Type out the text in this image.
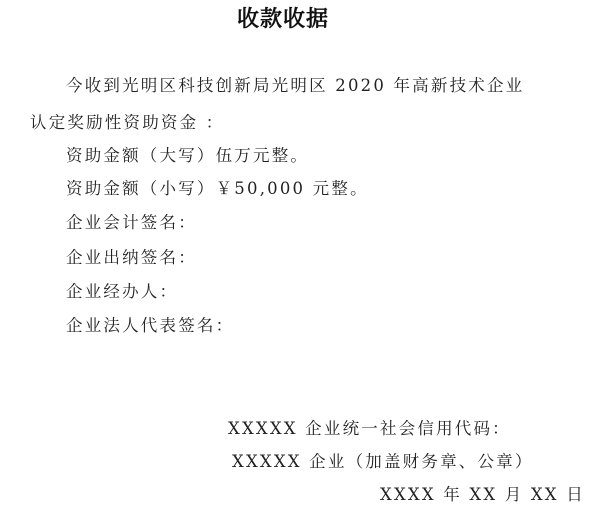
收款收据
今收到光明区科技创新局光明区 2020 年高新技术企业
认定奖励性资助资金 ：
资助金额（大写）伍万元整。
资助金额（小写）￥50,000 元整。
企业会计签名：
企业出纳签名：
企业经办人：
企业法人代表签名：
XXXXX 企业统一社会信用代码：
XXXXX 企业（加盖财务章、公章）
XXXX 年 XX 月 XX 日
